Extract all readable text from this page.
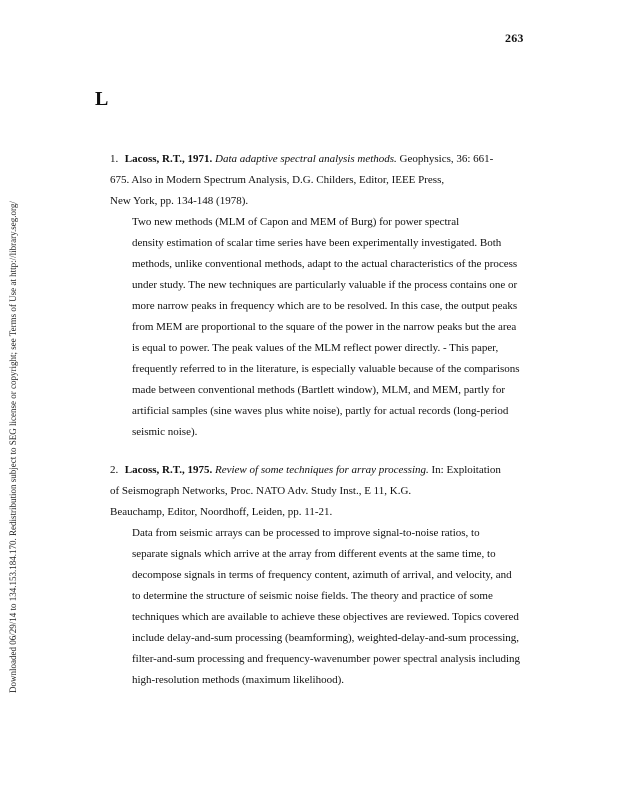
263
L
Downloaded 06/29/14 to 134.153.184.170. Redistribution subject to SEG license or copyright; see Terms of Use at http://library.seg.org/

1. Lacoss, R.T., 1971. Data adaptive spectral analysis methods. Geophysics, 36: 661-
675. Also in Modern Spectrum Analysis, D.G. Childers, Editor, IEEE Press,
New York, pp. 134-148 (1978).

Two new methods (MLM of Capon and MEM of Burg) for power spectral
density estimation of scalar time series have been experimentally investigated. Both
methods, unlike conventional methods, adapt to the actual characteristics of the process
under study. The new techniques are particularly valuable if the process contains one or
more narrow peaks in frequency which are to be resolved. In this case, the output peaks
from MEM are proportional to the square of the power in the narrow peaks but the area
is equal to power. The peak values of the MLM reflect power directly. - This paper,
frequently referred to in the literature, is especially valuable because of the comparisons
made between conventional methods (Bartlett window), MLM, and MEM, partly for
artificial samples (sine waves plus white noise), partly for actual records (long-period
seismic noise).

2. Lacoss, R.T., 1975. Review of some techniques for array processing. In: Exploitation
of Seismograph Networks, Proc. NATO Adv. Study Inst., E 11, K.G.
Beauchamp, Editor, Noordhoff, Leiden, pp. 11-21.

Data from seismic arrays can be processed to improve signal-to-noise ratios, to
separate signals which arrive at the array from different events at the same time, to
decompose signals in terms of frequency content, azimuth of arrival, and velocity, and
to determine the structure of seismic noise fields. The theory and practice of some
techniques which are available to achieve these objectives are reviewed. Topics covered
include delay-and-sum processing (beamforming), weighted-delay-and-sum processing,
filter-and-sum processing and frequency-wavenumber power spectral analysis including
high-resolution methods (maximum likelihood).
